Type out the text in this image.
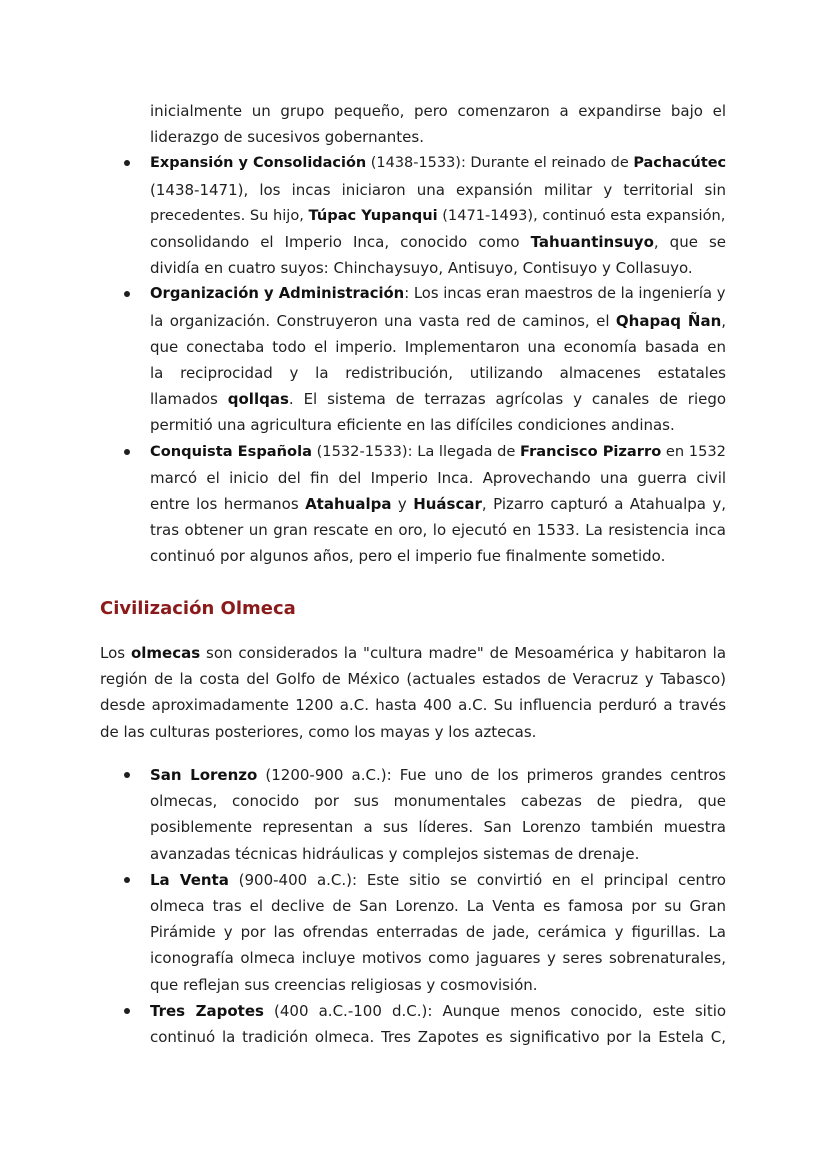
Civilización Olmeca
inicialmente un grupo pequeño, pero comenzaron a expandirse bajo el
liderazgo de sucesivos gobernantes.
Expansión y Consolidación (1438-1533): Durante el reinado de Pachacútec
(1438-1471), los incas iniciaron una expansión militar y territorial sin
precedentes. Su hijo, Túpac Yupanqui (1471-1493), continuó esta expansión,
consolidando el Imperio Inca, conocido como Tahuantinsuyo, que se
dividía en cuatro suyos: Chinchaysuyo, Antisuyo, Contisuyo y Collasuyo.
Organización y Administración: Los incas eran maestros de la ingeniería y
la organización. Construyeron una vasta red de caminos, el Qhapaq Ñan,
que conectaba todo el imperio. Implementaron una economía basada en
la reciprocidad y la redistribución, utilizando almacenes estatales
llamados qollqas. El sistema de terrazas agrícolas y canales de riego
permitió una agricultura eficiente en las difíciles condiciones andinas.
Conquista Española (1532-1533): La llegada de Francisco Pizarro en 1532
marcó el inicio del fin del Imperio Inca. Aprovechando una guerra civil
entre los hermanos Atahualpa y Huáscar, Pizarro capturó a Atahualpa y,
tras obtener un gran rescate en oro, lo ejecutó en 1533. La resistencia inca
continuó por algunos años, pero el imperio fue finalmente sometido.
Los olmecas son considerados la "cultura madre" de Mesoamérica y habitaron la
región de la costa del Golfo de México (actuales estados de Veracruz y Tabasco)
desde aproximadamente 1200 a.C. hasta 400 a.C. Su influencia perduró a través
de las culturas posteriores, como los mayas y los aztecas.
San Lorenzo (1200-900 a.C.): Fue uno de los primeros grandes centros
olmecas, conocido por sus monumentales cabezas de piedra, que
posiblemente representan a sus líderes. San Lorenzo también muestra
avanzadas técnicas hidráulicas y complejos sistemas de drenaje.
La Venta (900-400 a.C.): Este sitio se convirtió en el principal centro
olmeca tras el declive de San Lorenzo. La Venta es famosa por su Gran
Pirámide y por las ofrendas enterradas de jade, cerámica y figurillas. La
iconografía olmeca incluye motivos como jaguares y seres sobrenaturales,
que reflejan sus creencias religiosas y cosmovisión.
Tres Zapotes (400 a.C.-100 d.C.): Aunque menos conocido, este sitio
continuó la tradición olmeca. Tres Zapotes es significativo por la Estela C,
